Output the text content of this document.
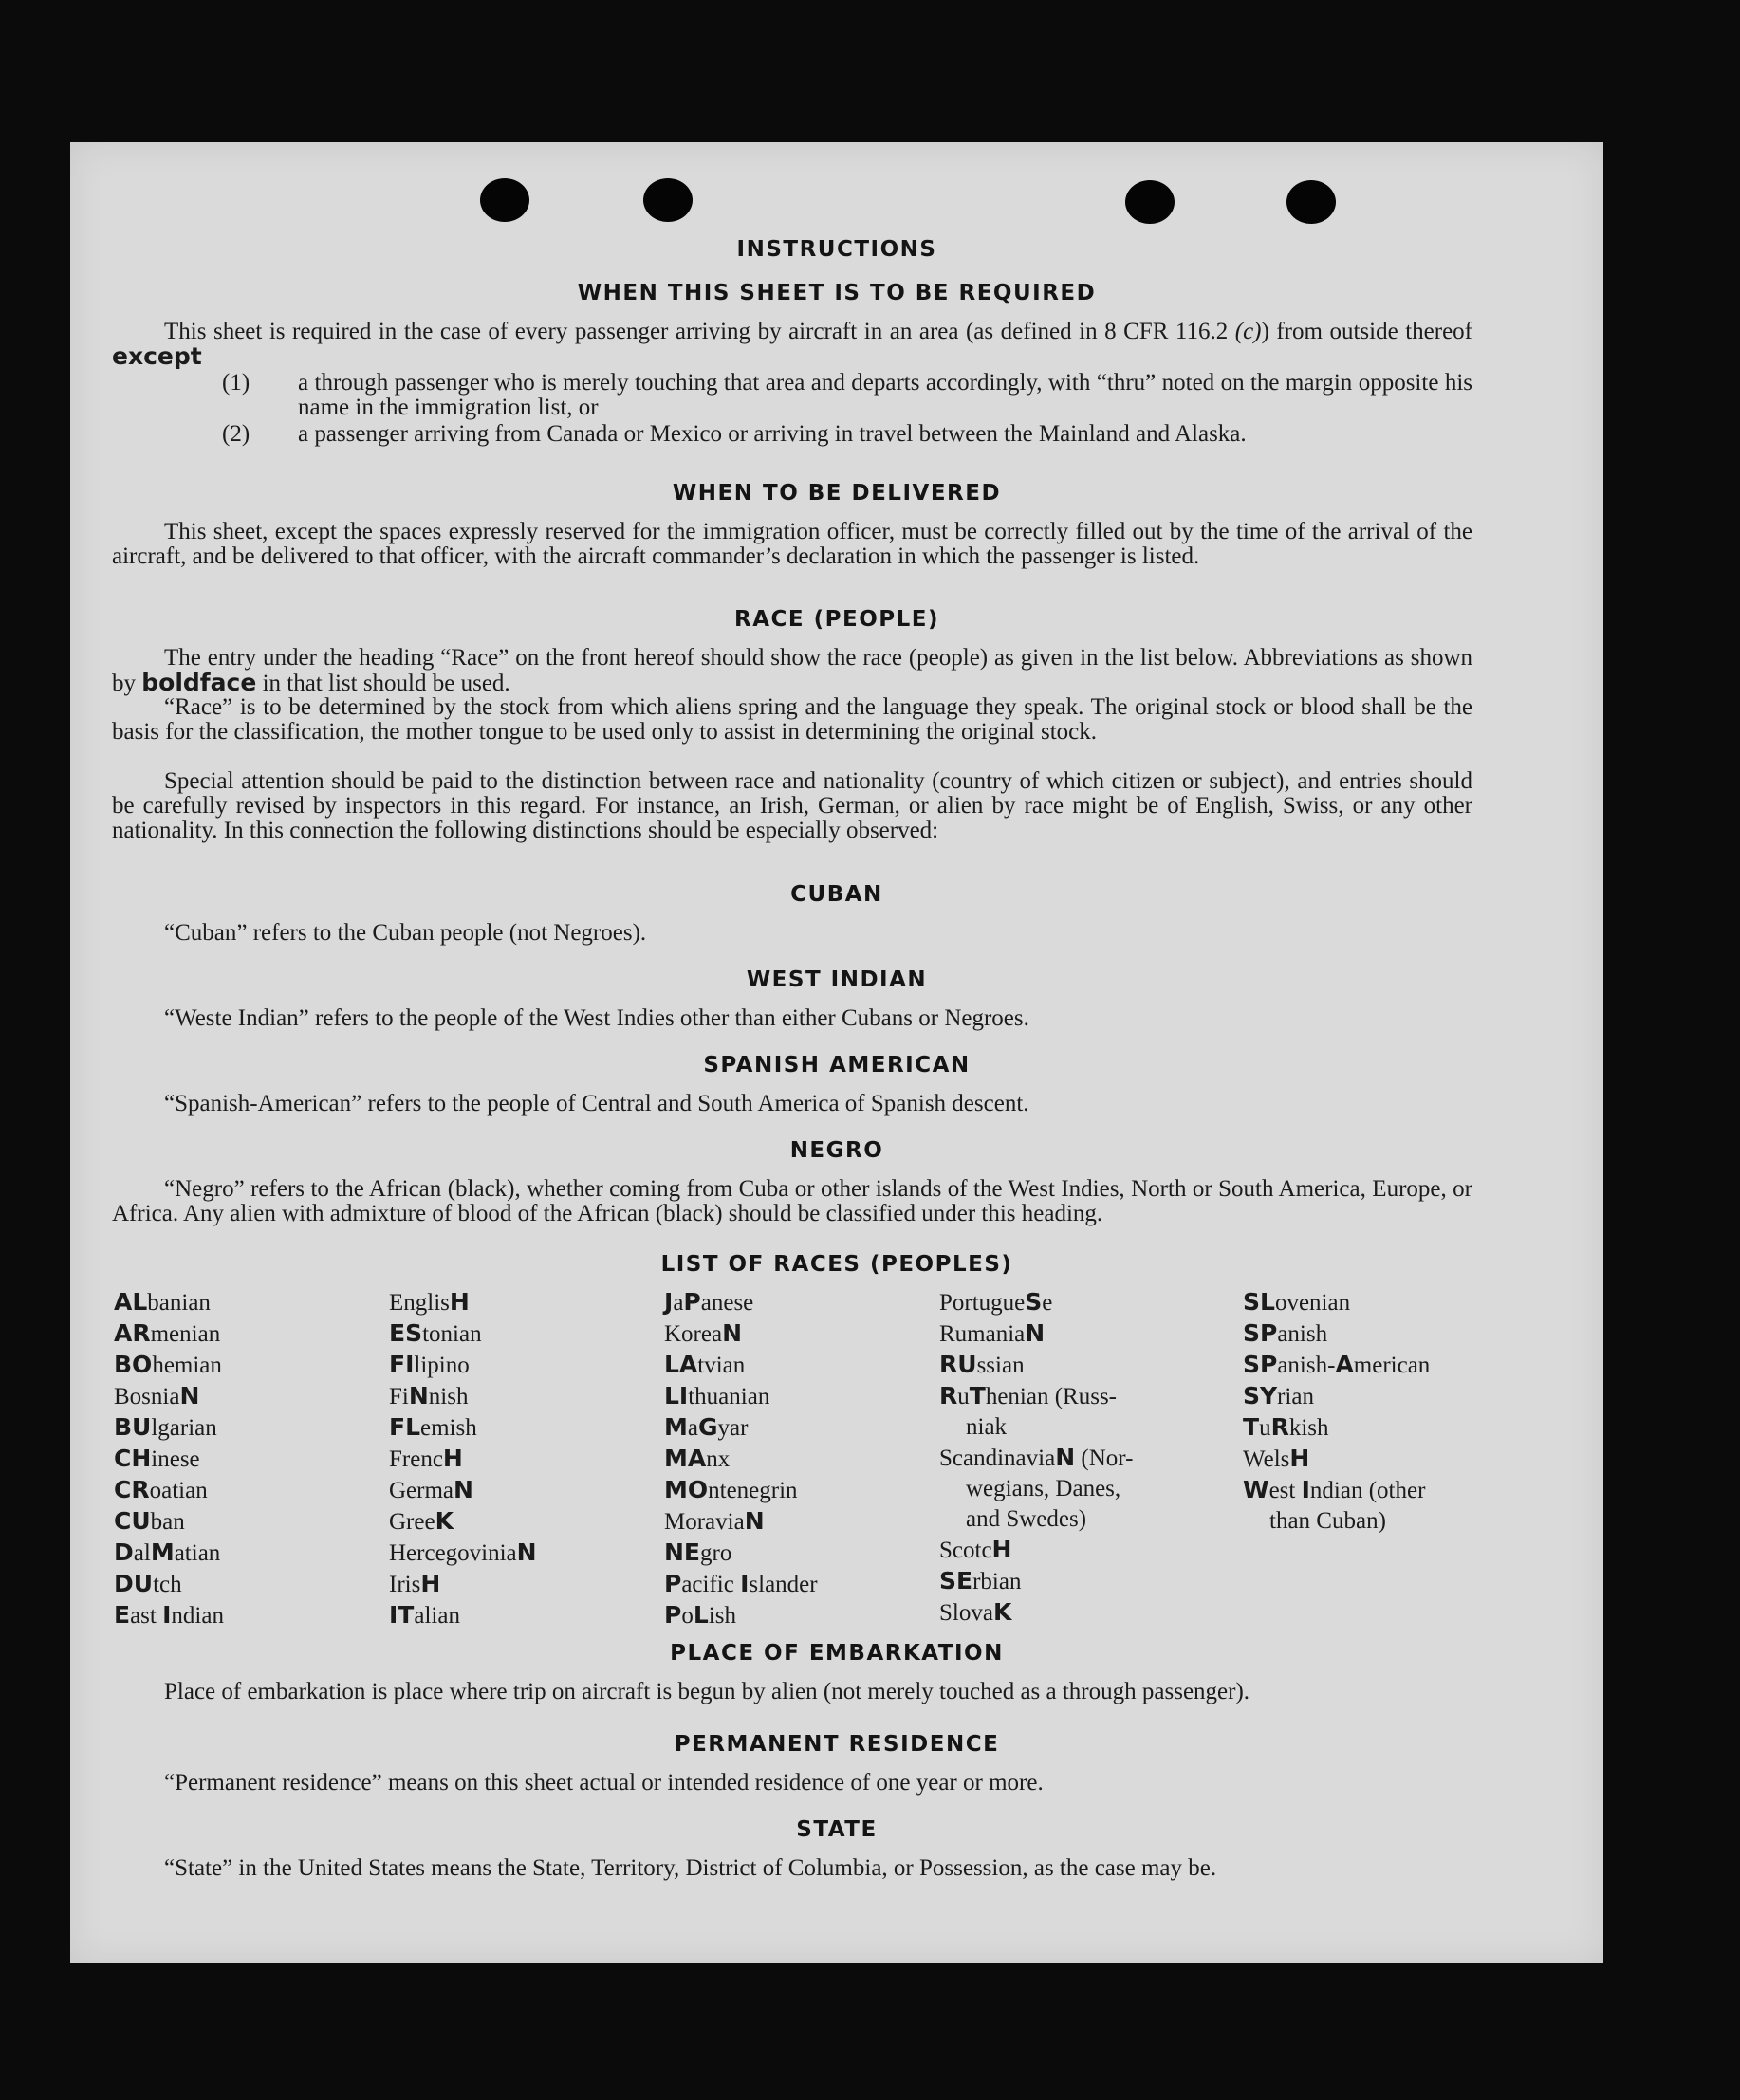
INSTRUCTIONS
WHEN THIS SHEET IS TO BE REQUIRED

This sheet is required in the case of every passenger arriving by aircraft in an area (as defined in 8 CFR 116.2 (c)) from outside thereof except

(1)	a through passenger who is merely touching that area and departs accordingly, with “thru” noted on the margin opposite his name in the immigration list, or

(2)	a passenger arriving from Canada or Mexico or arriving in travel between the Mainland and Alaska.

WHEN TO BE DELIVERED

This sheet, except the spaces expressly reserved for the immigration officer, must be correctly filled out by the time of the arrival of the aircraft, and be delivered to that officer, with the aircraft commander’s declaration in which the passenger is listed.

RACE (PEOPLE)

The entry under the heading “Race” on the front hereof should show the race (people) as given in the list below. Abbreviations as shown by boldface in that list should be used.

“Race” is to be determined by the stock from which aliens spring and the language they speak. The original stock or blood shall be the basis for the classification, the mother tongue to be used only to assist in determining the original stock.

Special attention should be paid to the distinction between race and nationality (country of which citizen or subject), and entries should be carefully revised by inspectors in this regard. For instance, an Irish, German, or alien by race might be of English, Swiss, or any other nationality. In this connection the following distinctions should be especially observed:

CUBAN

“Cuban” refers to the Cuban people (not Negroes).

WEST INDIAN

“Weste Indian” refers to the people of the West Indies other than either Cubans or Negroes.

SPANISH AMERICAN

“Spanish-American” refers to the people of Central and South America of Spanish descent.

NEGRO

“Negro” refers to the African (black), whether coming from Cuba or other islands of the West Indies, North or South America, Europe, or Africa. Any alien with admixture of blood of the African (black) should be classified under this heading.

LIST OF RACES (PEOPLES)
ALbanian
ARmenian
BOhemian
BosniaN
BUlgarian
CHinese
CRoatian
CUban
DalMatian
DUtch
East Indian
EnglisH
EStonian
FIlipino
FiNnish
FLemish
FrencH
GermaN
GreeK
HercegoviniaN
IrisH
ITalian
JaPanese
KoreaN
LAtvian
LIthuanian
MaGyar
MAnx
MOntenegrin
MoraviaN
NEgro
Pacific Islander
PoLish
PortugueSe
RumaniaN
RUssian
RuThenian (Russ-
niak
ScandinaviaN (Nor-
wegians, Danes,
and Swedes)
ScotcH
SErbian
SlovaK
SLovenian
SPanish
SPanish-American
SYrian
TuRkish
WelsH
West Indian (other
than Cuban)
PLACE OF EMBARKATION

Place of embarkation is place where trip on aircraft is begun by alien (not merely touched as a through passenger).

PERMANENT RESIDENCE

“Permanent residence” means on this sheet actual or intended residence of one year or more.

STATE

“State” in the United States means the State, Territory, District of Columbia, or Possession, as the case may be.
